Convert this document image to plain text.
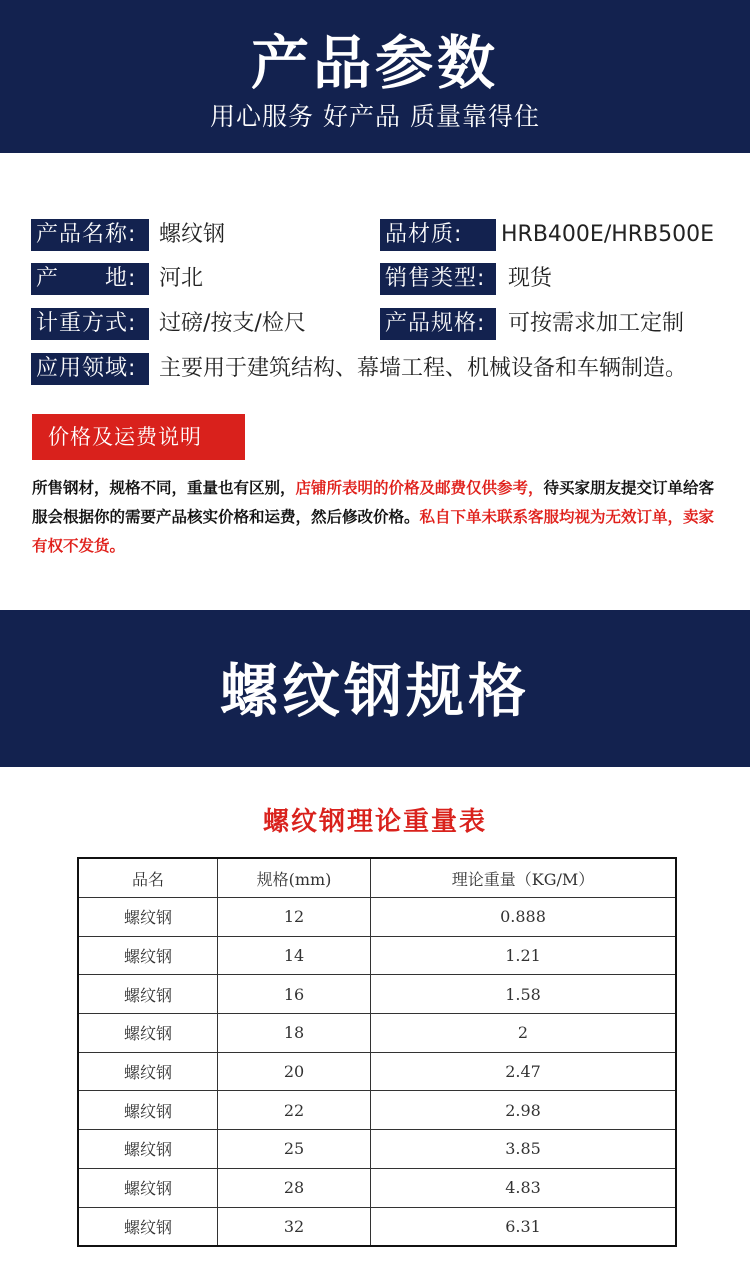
产品参数
用心服务 好产品 质量靠得住
产品名称:	螺纹钢	品材质:	HRB400E/HRB500E
产　　地:	河北	销售类型:	现货
计重方式:	过磅/按支/检尺	产品规格:	可按需求加工定制
应用领域:	主要用于建筑结构、幕墙工程、机械设备和车辆制造。
价格及运费说明
所售钢材，规格不同，重量也有区别，店铺所表明的价格及邮费仅供参考，待买家朋友提交订单给客服会根据你的需要产品核实价格和运费，然后修改价格。私自下单未联系客服均视为无效订单，卖家有权不发货。
螺纹钢规格
螺纹钢理论重量表
品名	规格(mm)	理论重量（KG/M）
螺纹钢	12	0.888
螺纹钢	14	1.21
螺纹钢	16	1.58
螺纹钢	18	2
螺纹钢	20	2.47
螺纹钢	22	2.98
螺纹钢	25	3.85
螺纹钢	28	4.83
螺纹钢	32	6.31
